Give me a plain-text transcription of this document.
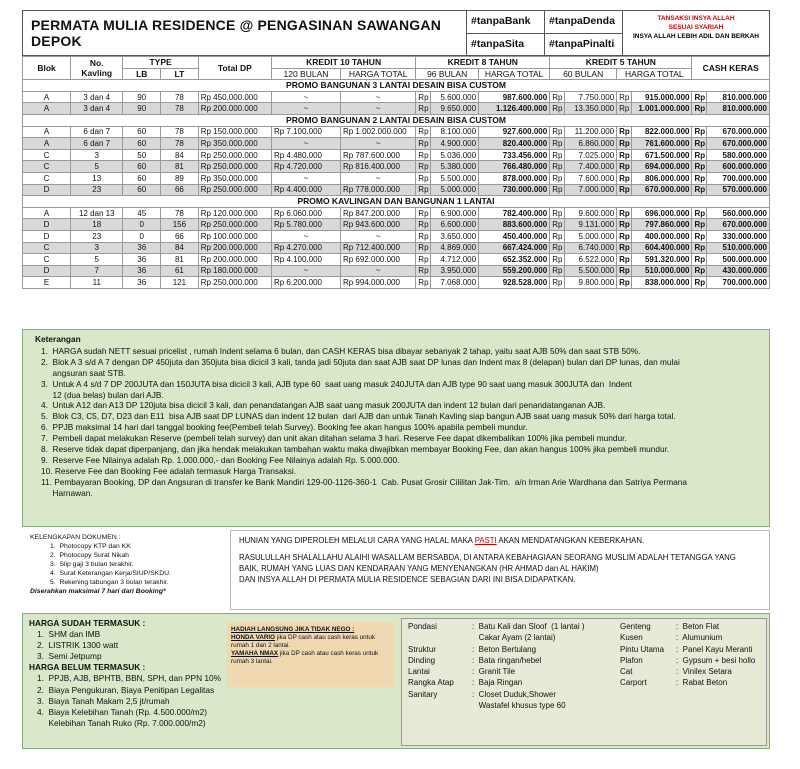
PERMATA MULIA RESIDENCE @ PENGASINAN SAWANGAN DEPOK
#tanpaBank	#tanpaDenda
#tanpaSita	#tanpaPinalti
TANSAKSI INSYA ALLAH
SESUAI SYARIAH
INSYA ALLAH LEBIH ADIL DAN BERKAH
Blok	No.
Kavling	TYPE		Total DP	KREDIT 10 TAHUN		KREDIT 8 TAHUN			KREDIT 5 TAHUN				CASH KERAS	
		LB	LT		120 BULAN	HARGA TOTAL	96 BULAN		HARGA TOTAL	60 BULAN		HARGA TOTAL			
PROMO BANGUNAN 3 LANTAI DESAIN BISA CUSTOM															
A	3 dan 4	90	78	Rp 450.000.000	~	~	Rp	5.600.000	987.600.000	Rp	7.750.000	Rp	915.000.000	Rp	810.000.000
A	3 dan 4	90	78	Rp 200.000.000	~	~	Rp	9.650.000	1.126.400.000	Rp	13.350.000	Rp	1.001.000.000	Rp	810.000.000
PROMO BANGUNAN 2 LANTAI DESAIN BISA CUSTOM															
A	6 dan 7	60	78	Rp 150.000.000	Rp 7.100.000	Rp 1.002.000.000	Rp	8.100.000	927.600.000	Rp	11.200.000	Rp	822.000.000	Rp	670.000.000
A	6 dan 7	60	78	Rp 350.000.000	~	~	Rp	4.900.000	820.400.000	Rp	6.860.000	Rp	761.600.000	Rp	670.000.000
C	3	50	84	Rp 250.000.000	Rp 4.480.000	Rp 787.600.000	Rp	5.036.000	733.456.000	Rp	7.025.000	Rp	671.500.000	Rp	580.000.000
C	5	60	81	Rp 250.000.000	Rp 4.720.000	Rp 816.400.000	Rp	5.380.000	766.480.000	Rp	7.400.000	Rp	694.000.000	Rp	600.000.000
C	13	60	89	Rp 350.000.000	~	~	Rp	5.500.000	878.000.000	Rp	7.600.000	Rp	806.000.000	Rp	700.000.000
D	23	60	66	Rp 250.000.000	Rp 4.400.000	Rp 778.000.000	Rp	5.000.000	730.000.000	Rp	7.000.000	Rp	670.000.000	Rp	570.000.000
PROMO KAVLINGAN DAN BANGUNAN 1 LANTAI															
A	12 dan 13	45	78	Rp 120.000.000	Rp 6.060.000	Rp 847.200.000	Rp	6.900.000	782.400.000	Rp	9.600.000	Rp	696.000.000	Rp	560.000.000
D	18	0	156	Rp 250.000.000	Rp 5.780.000	Rp 943.600.000	Rp	6.600.000	883.600.000	Rp	9.131.000	Rp	797.860.000	Rp	670.000.000
D	23	0	66	Rp 100.000.000	~	~	Rp	3.650.000	450.400.000	Rp	5.000.000	Rp	400.000.000	Rp	330.000.000
C	3	36	84	Rp 200.000.000	Rp 4.270.000	Rp 712.400.000	Rp	4.869.000	667.424.000	Rp	6.740.000	Rp	604.400.000	Rp	510.000.000
C	5	36	81	Rp 200.000.000	Rp 4.100.000	Rp 692.000.000	Rp	4.712.000	652.352.000	Rp	6.522.000	Rp	591.320.000	Rp	500.000.000
D	7	36	61	Rp 180.000.000	~	~	Rp	3.950.000	559.200.000	Rp	5.500.000	Rp	510.000.000	Rp	430.000.000
E	11	36	121	Rp 250.000.000	Rp 6.200.000	Rp 994.000.000	Rp	7.068.000	928.528.000	Rp	9.800.000	Rp	838.000.000	Rp	700.000.000
Keterangan
1.  HARGA sudah NETT sesuai pricelist , rumah Indent selama 6 bulan, dan CASH KERAS bisa dibayar sebanyak 2 tahap, yaitu saat AJB 50% dan saat STB 50%.
2.  Blok A 3 s/d A 7 dengan DP 450juta dan 350juta bisa dicicil 3 kali, tanda jadi 50juta dan saat AJB saat DP lunas dan Indent max 8 (delapan) bulan dari DP lunas, dan mulai
angsuran saat STB.
3.  Untuk A 4 s/d 7 DP 200JUTA dan 150JUTA bisa dicicil 3 kali, AJB type 60  saat uang masuk 240JUTA dan AJB type 90 saat uang masuk 300JUTA dan  Indent
12 (dua belas) bulan dari AJB.
4.  Untuk A12 dan A13 DP 120juta bisa dicicil 3 kali, dan penandatangan AJB saat uang masuk 200JUTA dan indent 12 bulan dari penandatanganan AJB.
5.  Blok C3, C5, D7, D23 dan E11  bisa AJB saat DP LUNAS dan indent 12 bulan  dari AJB dan untuk Tanah Kavling siap bangun AJB saat uang masuk 50% dari harga total.
6.  PPJB maksimal 14 hari dari tanggal booking fee(Pembeli telah Survey). Booking fee akan hangus 100% apabila pembeli mundur.
7.  Pembeli dapat melakukan Reserve (pembeli telah survey) dan unit akan ditahan selama 3 hari. Reserve Fee dapat dikembalikan 100% jika pembeli mundur.
8.  Reserve tidak dapat diperpanjang, dan jika hendak melakukan tambahan waktu maka diwajibkan membayar Booking Fee, dan akan hangus 100% jika pembeli mundur.
9.  Reserve Fee Nilainya adalah Rp. 1.000.000,- dan Booking Fee Nilainya adalah Rp. 5.000.000.
10. Reserve Fee dan Booking Fee adalah termasuk Harga Transaksi.
11. Pembayaran Booking, DP dan Angsuran di transfer ke Bank Mandiri 129-00-1126-360-1  Cab. Pusat Grosir Cililitan Jak-Tim.  a/n Irman Arie Wardhana dan Satriya Permana
Harnawan.
KELENGKAPAN DOKUMEN :
1.  Photocopy KTP dan KK
2.  Photocopy Surat Nikah
3.  Slip gaji 3 bulan terakhir.
4.  Surat Keterangan Kerja/SIUP/SKDU.
5.  Rekening tabungan 3 bulan terakhir.
Diserahkan maksimal 7 hari dari Booking*
HUNIAN YANG DIPEROLEH MELALUI CARA YANG HALAL MAKA PASTI AKAN MENDATANGKAN KEBERKAHAN.
RASULULLAH SHALALLAHU ALAIHI WASALLAM BERSABDA, DI ANTARA KEBAHAGIAAN SEORANG MUSLIM ADALAH TETANGGA YANG
BAIK, RUMAH YANG LUAS DAN KENDARAAN YANG MENYENANGKAN (HR AHMAD dan AL HAKIM)
DAN INSYA ALLAH DI PERMATA MULIA RESIDENCE SEBAGIAN DARI INI BISA DIDAPATKAN.
HARGA SUDAH TERMASUK :
1.  SHM dan IMB
2.  LISTRIK 1300 watt
3.  Semi Jetpump
HARGA BELUM TERMASUK :
1.  PPJB, AJB, BPHTB, BBN, SPH, dan PPN 10%
2.  Biaya Pengukuran, Biaya Penitipan Legalitas
3.  Biaya Tanah Makam 2,5 jt/rumah
4.  Biaya Kelebihan Tanah (Rp. 4.500.000/m2)
Kelebihan Tanah Ruko (Rp. 7.000.000/m2)
HADIAH LANGSUNG JIKA TIDAK NEGO :
HONDA VARIO jika DP cash atau cash keras untuk rumah 1 dan 2 lantai.
YAMAHA NMAX jika DP cash atau cash keras untuk rumah 3 lantai.
Pondasi	:  Batu Kali dan Sloof  (1 lantai )	Genteng	:  Beton Flat
Cakar Ayam (2 lantai)	Kusen	:  Alumunium
Struktur	:  Beton Bertulang	Pintu Utama	:  Panel Kayu Meranti
Dinding	:  Bata ringan/hebel	Plafon	:  Gypsum + besi hollo
Lantai	:  Granit Tile	Cat	:  Vinilex Setara
Rangka Atap	:  Baja Ringan	Carport	:  Rabat Beton
Sanitary	:  Closet Duduk,Shower
Wastafel khusus type 60
